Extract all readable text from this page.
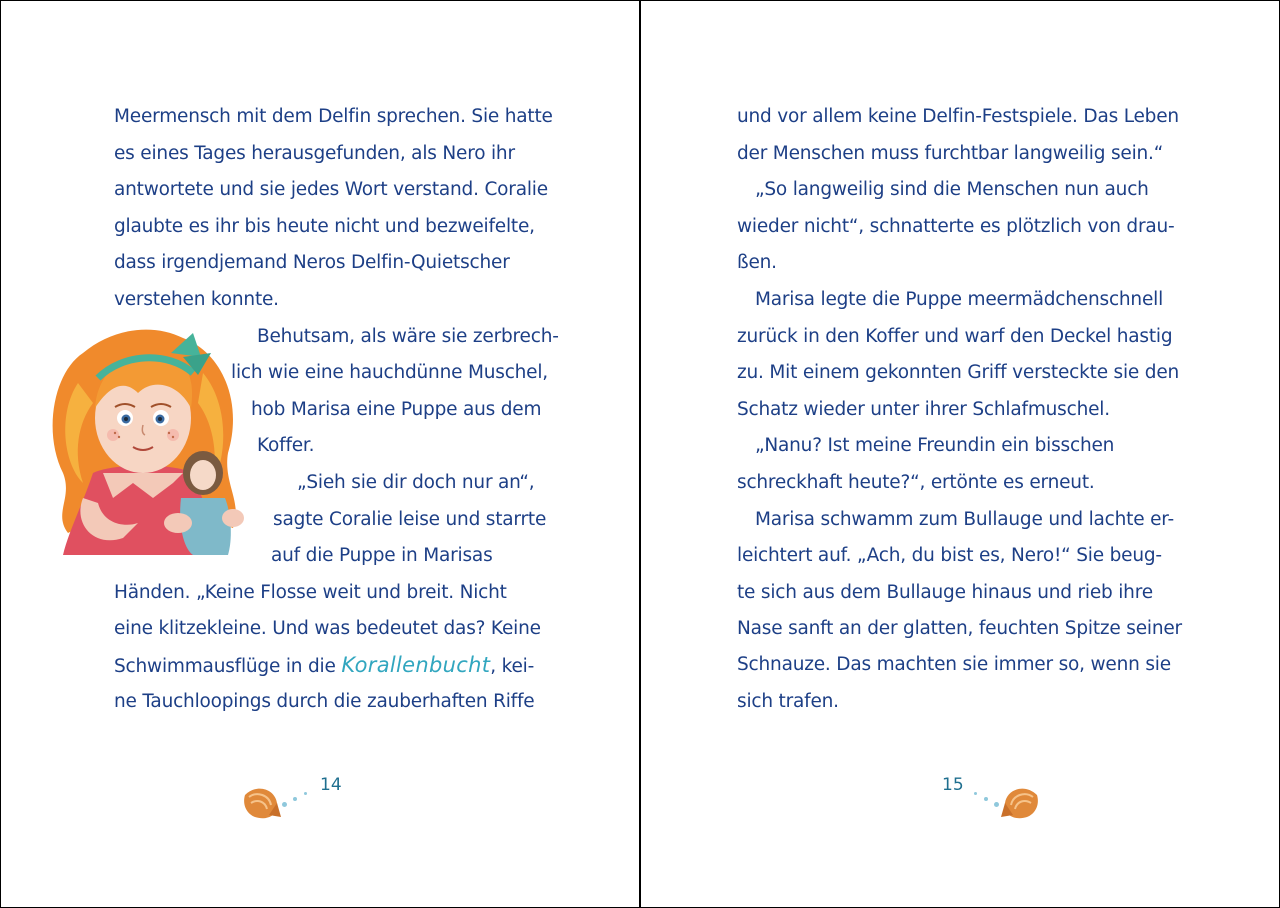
Meermensch mit dem Delfin sprechen. Sie hatte
es eines Tages herausgefunden, als Nero ihr
antwortete und sie jedes Wort verstand. Coralie
glaubte es ihr bis heute nicht und bezweifelte,
dass irgendjemand Neros Delfin-Quietscher
verstehen konnte.
Behutsam, als wäre sie zerbrech-
lich wie eine hauchdünne Muschel,
hob Marisa eine Puppe aus dem
Koffer.
„Sieh sie dir doch nur an“,
sagte Coralie leise und starrte
auf die Puppe in Marisas
Händen. „Keine Flosse weit und breit. Nicht
eine klitzekleine. Und was bedeutet das? Keine
Schwimmausflüge in die Korallenbucht, kei-
ne Tauchloopings durch die zauberhaften Riffe
14
und vor allem keine Delfin-Festspiele. Das Leben
der Menschen muss furchtbar langweilig sein.“
„So langweilig sind die Menschen nun auch
wieder nicht“, schnatterte es plötzlich von drau-
ßen.
Marisa legte die Puppe meermädchenschnell
zurück in den Koffer und warf den Deckel hastig
zu. Mit einem gekonnten Griff versteckte sie den
Schatz wieder unter ihrer Schlafmuschel.
„Nanu? Ist meine Freundin ein bisschen
schreckhaft heute?“, ertönte es erneut.
Marisa schwamm zum Bullauge und lachte er-
leichtert auf. „Ach, du bist es, Nero!“ Sie beug-
te sich aus dem Bullauge hinaus und rieb ihre
Nase sanft an der glatten, feuchten Spitze seiner
Schnauze. Das machten sie immer so, wenn sie
sich trafen.
15
